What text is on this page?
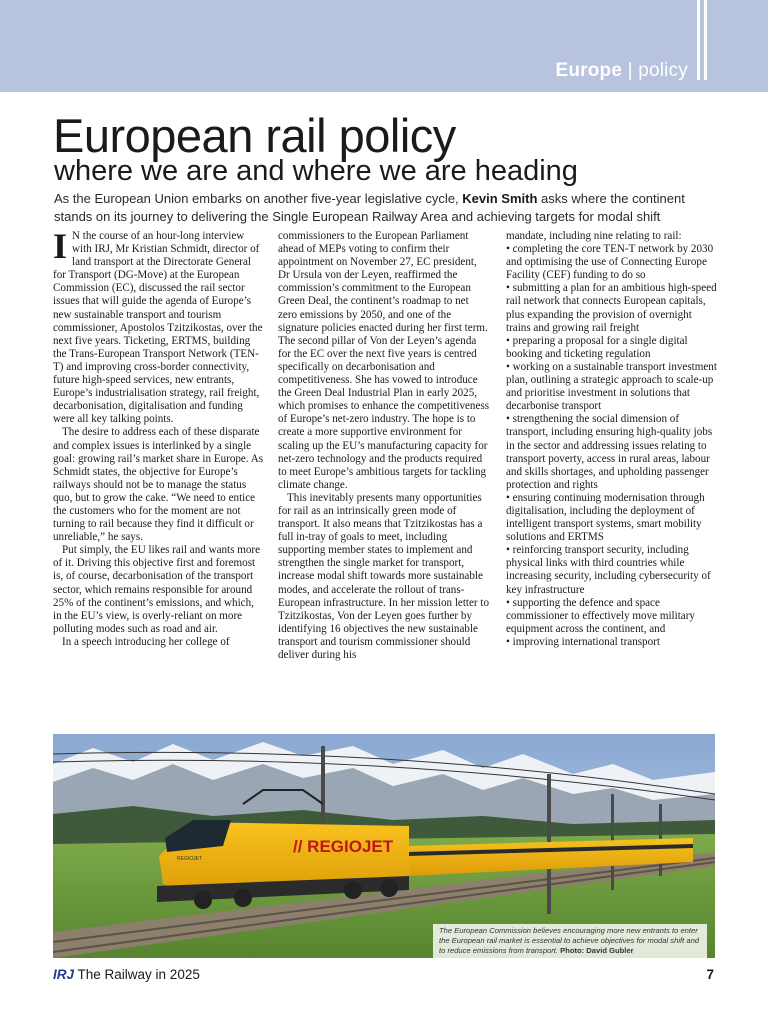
Europe | policy
European rail policy
where we are and where we are heading
As the European Union embarks on another five-year legislative cycle, Kevin Smith asks where the continent stands on its journey to delivering the Single European Railway Area and achieving targets for modal shift

I N the course of an hour-long interview with IRJ, Mr Kristian Schmidt, director of land transport at the Directorate General for Transport (DG-Move) at the European Commission (EC), discussed the rail sector issues that will guide the agenda of Europe’s new sustainable transport and tourism commissioner, Apostolos Tzitzikostas, over the next five years. Ticketing, ERTMS, building the Trans-European Transport Network (TEN-T) and improving cross-border connectivity, future high-speed services, new entrants, Europe’s industrialisation strategy, rail freight, decarbonisation, digitalisation and funding were all key talking points.

The desire to address each of these disparate and complex issues is interlinked by a single goal: growing rail’s market share in Europe. As Schmidt states, the objective for Europe’s railways should not be to manage the status quo, but to grow the cake. “We need to entice the customers who for the moment are not turning to rail because they find it difficult or unreliable,” he says.

Put simply, the EU likes rail and wants more of it. Driving this objective first and foremost is, of course, decarbonisation of the transport sector, which remains responsible for around 25% of the continent’s emissions, and which, in the EU’s view, is overly-reliant on more polluting modes such as road and air.

In a speech introducing her college of

commissioners to the European Parliament ahead of MEPs voting to confirm their appointment on November 27, EC president, Dr Ursula von der Leyen, reaffirmed the commission’s commitment to the European Green Deal, the continent’s roadmap to net zero emissions by 2050, and one of the signature policies enacted during her first term. The second pillar of Von der Leyen’s agenda for the EC over the next five years is centred specifically on decarbonisation and competitiveness. She has vowed to introduce the Green Deal Industrial Plan in early 2025, which promises to enhance the competitiveness of Europe’s net-zero industry. The hope is to create a more supportive environment for scaling up the EU’s manufacturing capacity for net-zero technology and the products required to meet Europe’s ambitious targets for tackling climate change.

This inevitably presents many opportunities for rail as an intrinsically green mode of transport. It also means that Tzitzikostas has a full in-tray of goals to meet, including supporting member states to implement and strengthen the single market for transport, increase modal shift towards more sustainable modes, and accelerate the rollout of trans-European infrastructure. In her mission letter to Tzitzikostas, Von der Leyen goes further by identifying 16 objectives the new sustainable transport and tourism commissioner should deliver during his

mandate, including nine relating to rail:

• completing the core TEN-T network by 2030 and optimising the use of Connecting Europe Facility (CEF) funding to do so
• submitting a plan for an ambitious high-speed rail network that connects European capitals, plus expanding the provision of overnight trains and growing rail freight
• preparing a proposal for a single digital booking and ticketing regulation
• working on a sustainable transport investment plan, outlining a strategic approach to scale-up and prioritise investment in solutions that decarbonise transport
• strengthening the social dimension of transport, including ensuring high-quality jobs in the sector and addressing issues relating to transport poverty, access in rural areas, labour and skills shortages, and upholding passenger protection and rights
• ensuring continuing modernisation through digitalisation, including the deployment of intelligent transport systems, smart mobility solutions and ERTMS
• reinforcing transport security, including physical links with third countries while increasing security, including cybersecurity of key infrastructure
• supporting the defence and space commissioner to effectively move military equipment across the continent, and
• improving international transport
// REGIOJET
REGIOJET
The European Commission believes encouraging more new entrants to enter the European rail market is essential to achieve objectives for modal shift and to reduce emissions from transport. Photo: David Gubler
IRJ The Railway in 2025	7
